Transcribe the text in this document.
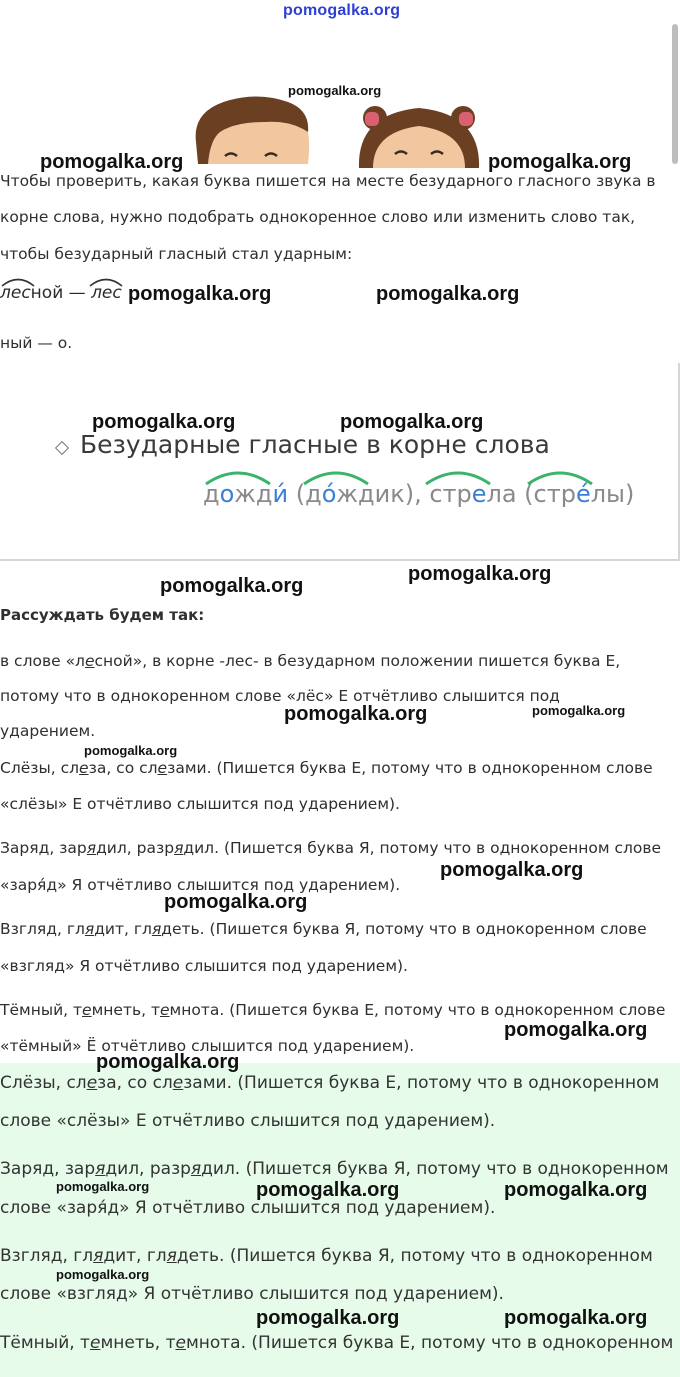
pomogalka.org
Чтобы проверить, какая буква пишется на месте безударного гласного звука в
корне слова, нужно подобрать однокоренное слово или изменить слово так,
чтобы безударный гласный стал ударным:
лесной — лес
ный — о.
Безударные гласные в корне слова
дожди́ (до́ждик), стрела (стре́лы)
Рассуждать будем так:
в слове «лесной», в корне -лес- в безударном положении пишется буква Е,
потому что в однокоренном слове «лёс» Е отчётливо слышится под
ударением.
Слёзы, слеза, со слезами. (Пишется буква Е, потому что в однокоренном слове
«слёзы» Е отчётливо слышится под ударением).
Заряд, зарядил, разрядил. (Пишется буква Я, потому что в однокоренном слове
«заря́д» Я отчётливо слышится под ударением).
Взгляд, глядит, глядеть. (Пишется буква Я, потому что в однокоренном слове
«взгляд» Я отчётливо слышится под ударением).
Тёмный, темнеть, темнота. (Пишется буква Е, потому что в однокоренном слове
«тёмный» Ё отчётливо слышится под ударением).
Слёзы, слеза, со слезами. (Пишется буква Е, потому что в однокоренном
слове «слёзы» Е отчётливо слышится под ударением).
Заряд, зарядил, разрядил. (Пишется буква Я, потому что в однокоренном
слове «заря́д» Я отчётливо слышится под ударением).
Взгляд, глядит, глядеть. (Пишется буква Я, потому что в однокоренном
слове «взгляд» Я отчётливо слышится под ударением).
Тёмный, темнеть, темнота. (Пишется буква Е, потому что в однокоренном
pomogalka.org
pomogalka.org	pomogalka.org
pomogalka.org	pomogalka.org
pomogalka.org	pomogalka.org
pomogalka.org
pomogalka.org
pomogalka.org	pomogalka.org
pomogalka.org
pomogalka.org
pomogalka.org
pomogalka.org
pomogalka.org
pomogalka.org	pomogalka.org	pomogalka.org
pomogalka.org
pomogalka.org	pomogalka.org
